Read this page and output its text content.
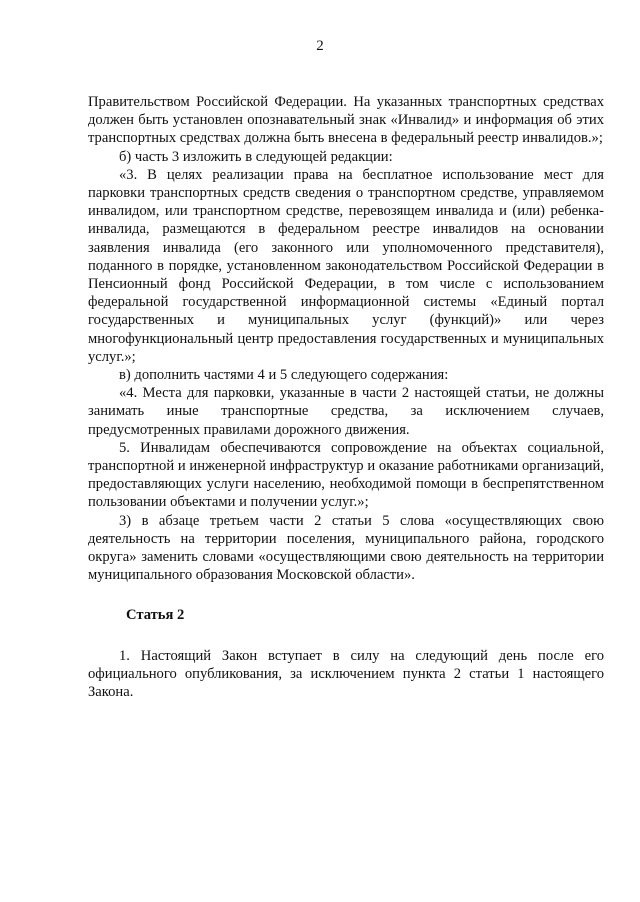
2

Правительством Российской Федерации. На указанных транспортных средствах должен быть установлен опознавательный знак «Инвалид» и информация об этих транспортных средствах должна быть внесена в федеральный реестр инвалидов.»;

б) часть 3 изложить в следующей редакции:

«3. В целях реализации права на бесплатное использование мест для парковки транспортных средств сведения о транспортном средстве, управляемом инвалидом, или транспортном средстве, перевозящем инвалида и (или) ребенка-инвалида, размещаются в федеральном реестре инвалидов на основании заявления инвалида (его законного или уполномоченного представителя), поданного в порядке, установленном законодательством Российской Федерации в Пенсионный фонд Российской Федерации, в том числе с использованием федеральной государственной информационной системы «Единый портал государственных и муниципальных услуг (функций)» или через многофункциональный центр предоставления государственных и муниципальных услуг.»;

в) дополнить частями 4 и 5 следующего содержания:

«4. Места для парковки, указанные в части 2 настоящей статьи, не должны занимать иные транспортные средства, за исключением случаев, предусмотренных правилами дорожного движения.

5. Инвалидам обеспечиваются сопровождение на объектах социальной, транспортной и инженерной инфраструктур и оказание работниками организаций, предоставляющих услуги населению, необходимой помощи в беспрепятственном пользовании объектами и получении услуг.»;

3) в абзаце третьем части 2 статьи 5 слова «осуществляющих свою деятельность на территории поселения, муниципального района, городского округа» заменить словами «осуществляющими свою деятельность на территории муниципального образования Московской области».

Статья 2

1. Настоящий Закон вступает в силу на следующий день после его официального опубликования, за исключением пункта 2 статьи 1 настоящего Закона.
